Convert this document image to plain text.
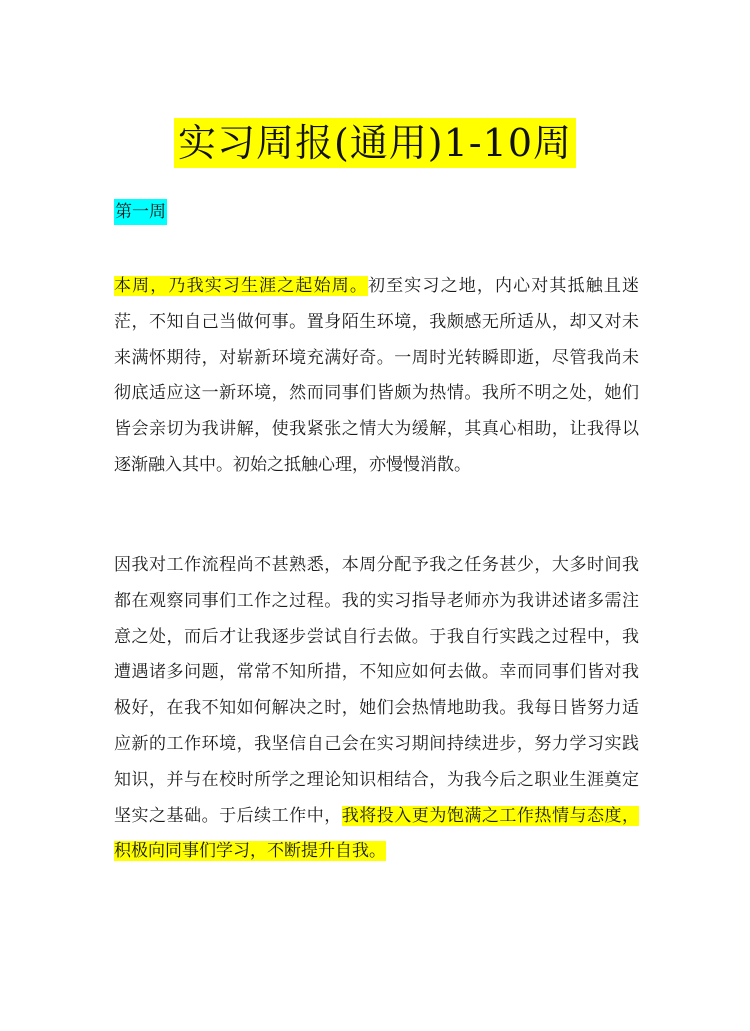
实习周报(通用)1-10周
第一周

本周，乃我实习生涯之起始周。初至实习之地，内心对其抵触且迷茫，不知自己当做何事。置身陌生环境，我颇感无所适从，却又对未来满怀期待，对崭新环境充满好奇。一周时光转瞬即逝，尽管我尚未彻底适应这一新环境，然而同事们皆颇为热情。我所不明之处，她们皆会亲切为我讲解，使我紧张之情大为缓解，其真心相助，让我得以逐渐融入其中。初始之抵触心理，亦慢慢消散。

因我对工作流程尚不甚熟悉，本周分配予我之任务甚少，大多时间我都在观察同事们工作之过程。我的实习指导老师亦为我讲述诸多需注意之处，而后才让我逐步尝试自行去做。于我自行实践之过程中，我遭遇诸多问题，常常不知所措，不知应如何去做。幸而同事们皆对我极好，在我不知如何解决之时，她们会热情地助我。我每日皆努力适应新的工作环境，我坚信自己会在实习期间持续进步，努力学习实践知识，并与在校时所学之理论知识相结合，为我今后之职业生涯奠定坚实之基础。于后续工作中，我将投入更为饱满之工作热情与态度，积极向同事们学习，不断提升自我。
